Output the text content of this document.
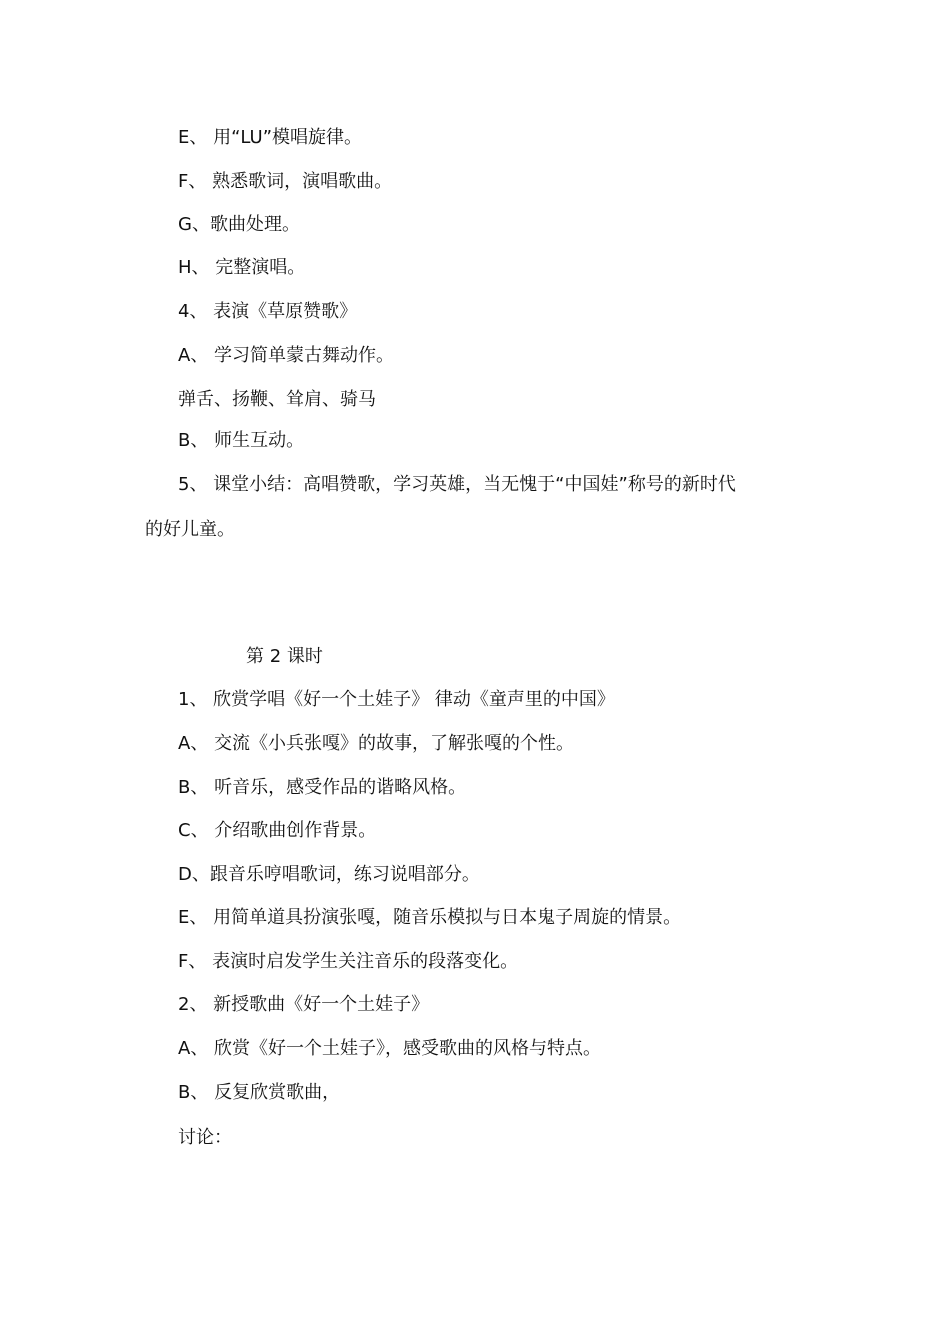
E、 用“LU”模唱旋律。
F、 熟悉歌词，演唱歌曲。
G、歌曲处理。
H、 完整演唱。
4、 表演《草原赞歌》
A、 学习简单蒙古舞动作。
弹舌、扬鞭、耸肩、骑马
B、 师生互动。
5、 课堂小结：高唱赞歌，学习英雄，当无愧于“中国娃”称号的新时代
的好儿童。
第 2 课时
1、 欣赏学唱《好一个土娃子》 律动《童声里的中国》
A、 交流《小兵张嘎》的故事，了解张嘎的个性。
B、 听音乐，感受作品的谐略风格。
C、 介绍歌曲创作背景。
D、跟音乐哼唱歌词，练习说唱部分。
E、 用简单道具扮演张嘎，随音乐模拟与日本鬼子周旋的情景。
F、 表演时启发学生关注音乐的段落变化。
2、 新授歌曲《好一个土娃子》
A、 欣赏《好一个土娃子》，感受歌曲的风格与特点。
B、 反复欣赏歌曲，
讨论：
